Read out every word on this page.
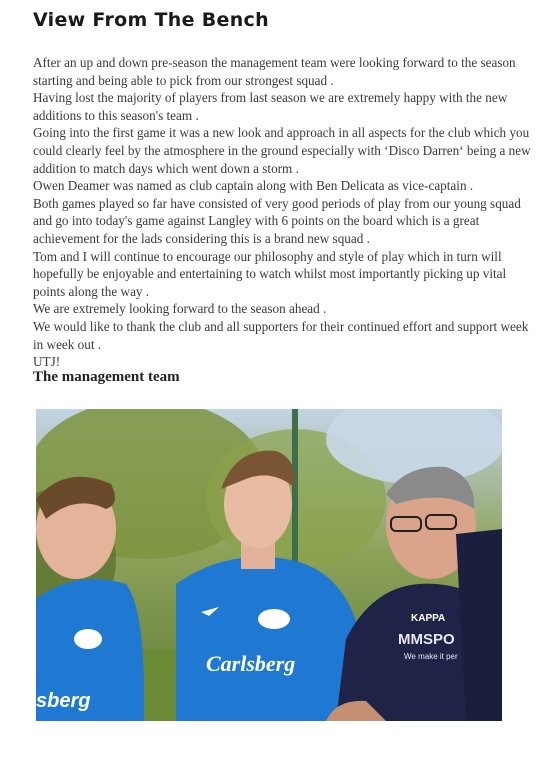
View From The Bench

After an up and down pre-season the management team were looking forward to the season starting and being able to pick from our strongest squad .

Having lost the majority of players from last season we are extremely happy with the new additions to this season's team .

Going into the first game it was a new look and approach in all aspects for the club which you could clearly feel by the atmosphere in the ground especially with ‘Disco Darren‘ being a new addition to match days which went down a storm .

Owen Deamer was named as club captain along with Ben Delicata as vice-captain .

Both games played so far have consisted of very good periods of play from our young squad and go into today's game against Langley with 6 points on the board which is a great achievement for the lads considering this is a brand new squad .

Tom and I will continue to encourage our philosophy and style of play which in turn will hopefully be enjoyable and entertaining to watch whilst most importantly picking up vital points along the way .

We are extremely looking forward to the season ahead .

We would like to thank the club and all supporters for their continued effort and support week in week out .

UTJ!

The management team
sberg
Carlsberg
KAPPA
MMSPO
We make it per
